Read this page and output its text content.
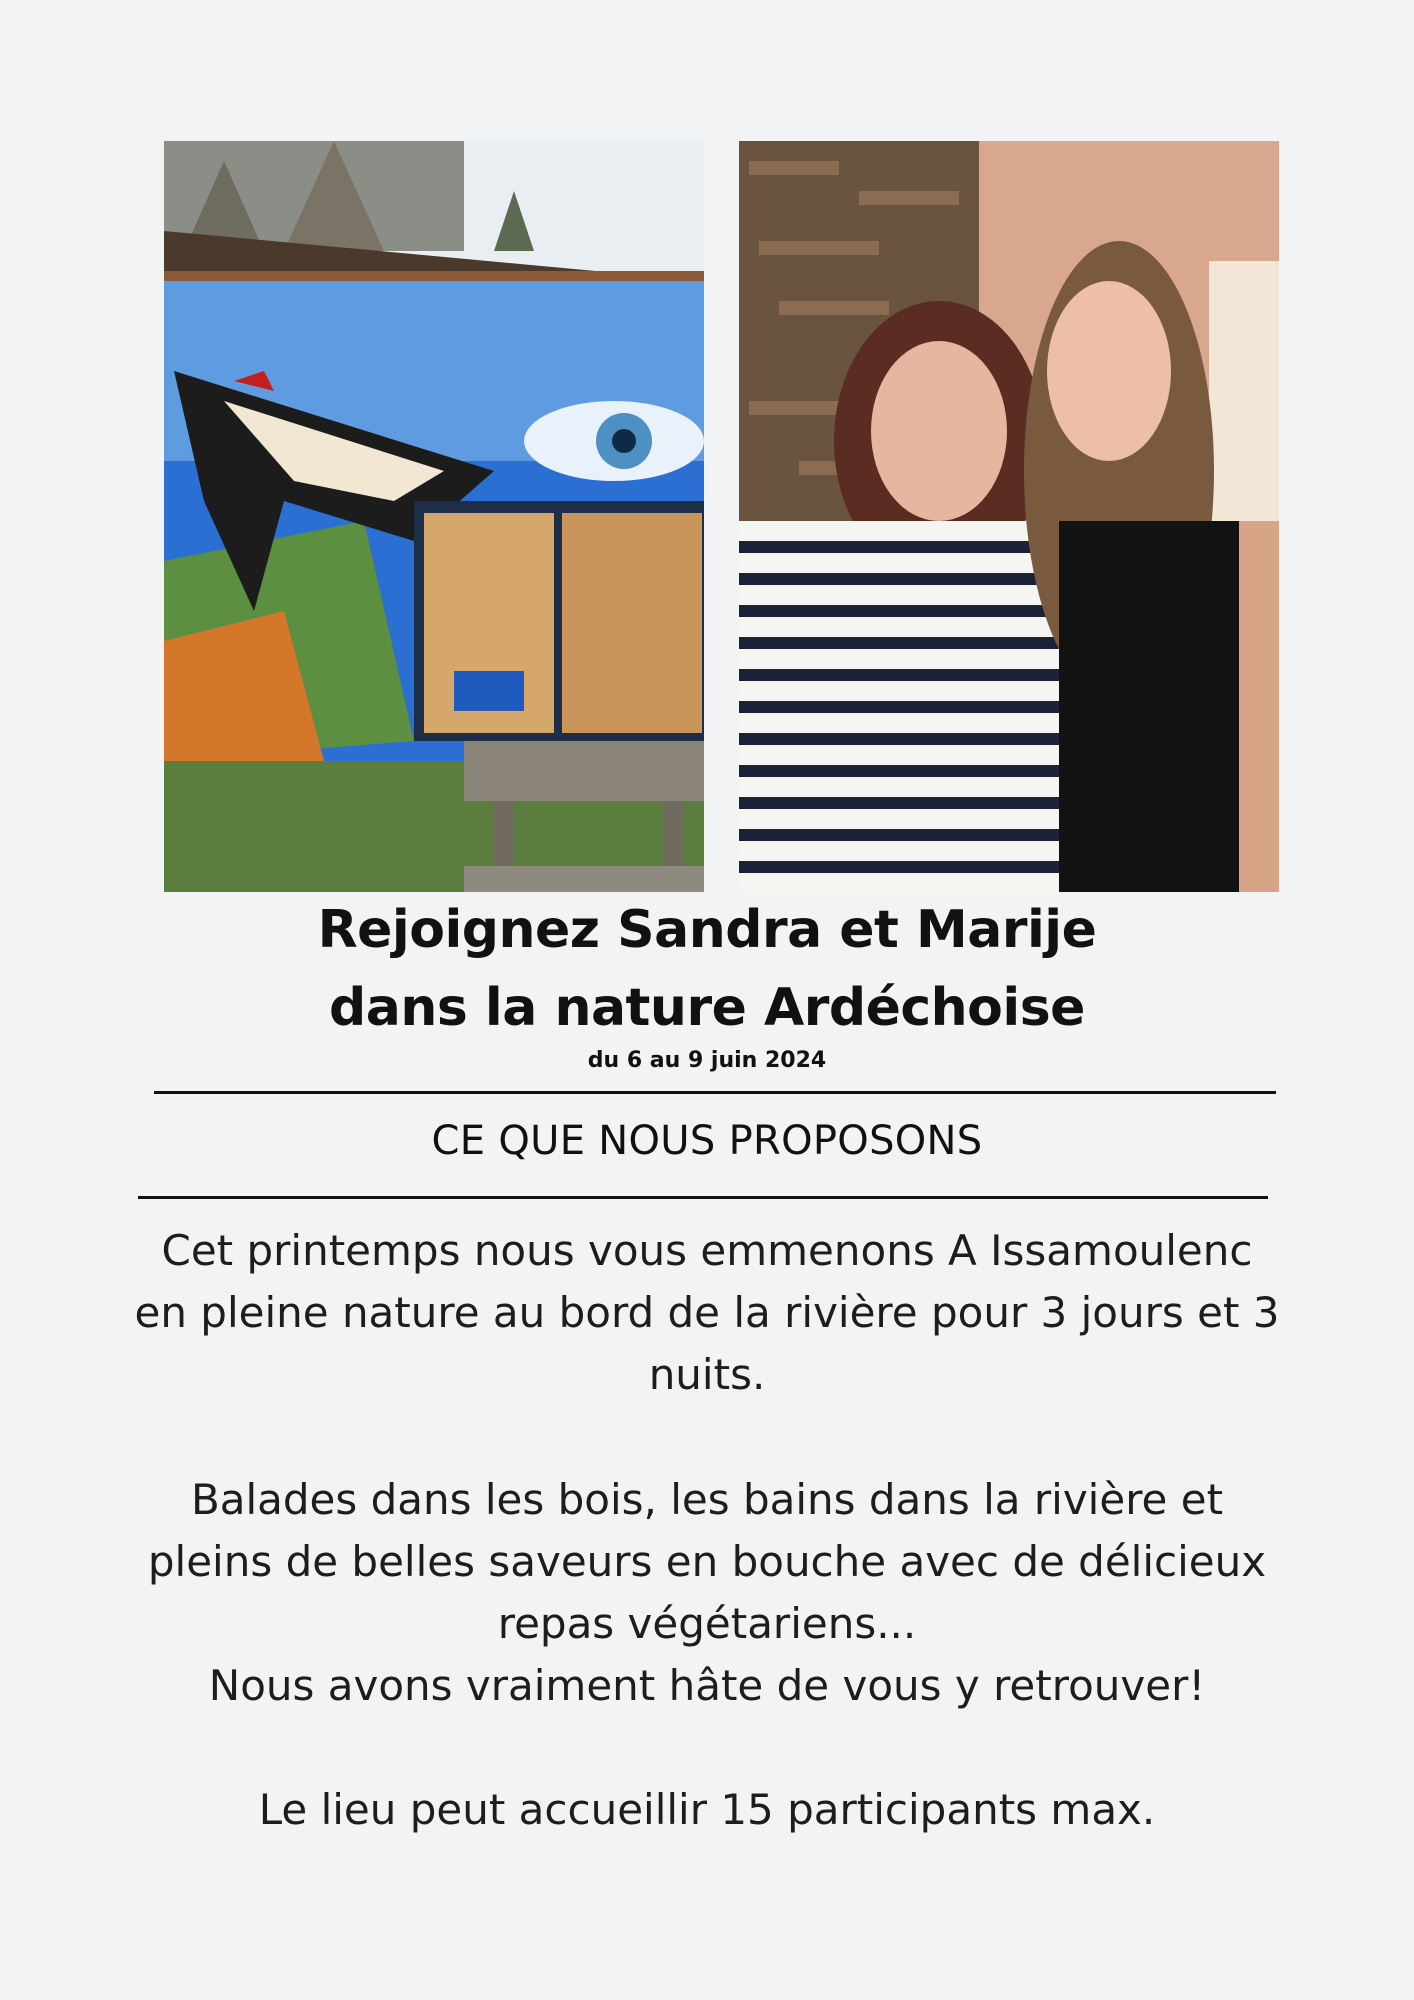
Rejoignez Sandra et Marije
dans la nature Ardéchoise
du 6 au 9 juin 2024
CE QUE NOUS PROPOSONS
Cet printemps nous vous emmenons A Issamoulenc en pleine nature au bord de la rivière pour 3 jours et 3 nuits.
Balades dans les bois, les bains dans la rivière et pleins de belles saveurs en bouche avec de délicieux repas végétariens...
Nous avons vraiment hâte de vous y retrouver!
Le lieu peut accueillir 15 participants max.
